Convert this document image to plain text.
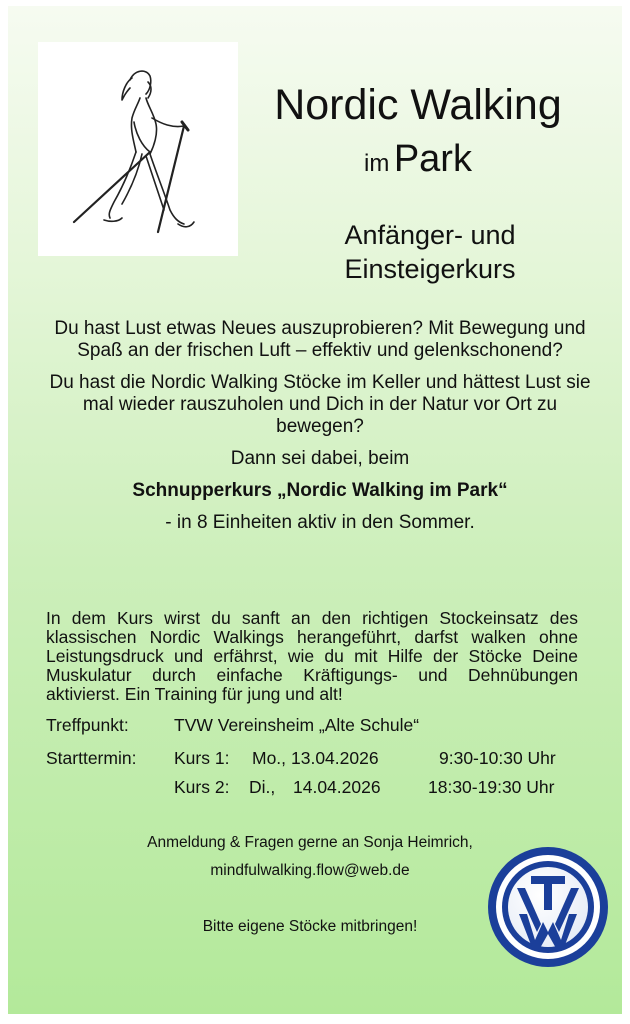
Nordic Walking
im Park
Anfänger- und
Einsteigerkurs

Du hast Lust etwas Neues auszuprobieren? Mit Bewegung und Spaß an der frischen Luft – effektiv und gelenkschonend?

Du hast die Nordic Walking Stöcke im Keller und hättest Lust sie mal wieder rauszuholen und Dich in der Natur vor Ort zu bewegen?

Dann sei dabei, beim

Schnupperkurs „Nordic Walking im Park“

- in 8 Einheiten aktiv in den Sommer.

In dem Kurs wirst du sanft an den richtigen Stockeinsatz des klassischen Nordic Walkings herangeführt, darfst walken ohne Leistungsdruck und erfährst, wie du mit Hilfe der Stöcke Deine Muskulatur durch einfache Kräftigungs- und Dehnübungen aktivierst. Ein Training für jung und alt!
Treffpunkt:	TVW Vereinsheim „Alte Schule“
Starttermin: Kurs 1: Mo., 13.04.2026	9:30-10:30 Uhr
Kurs 2: Di., 14.04.2026	18:30-19:30 Uhr
Anmeldung & Fragen gerne an Sonja Heimrich,
mindfulwalking.flow@web.de
Bitte eigene Stöcke mitbringen!
